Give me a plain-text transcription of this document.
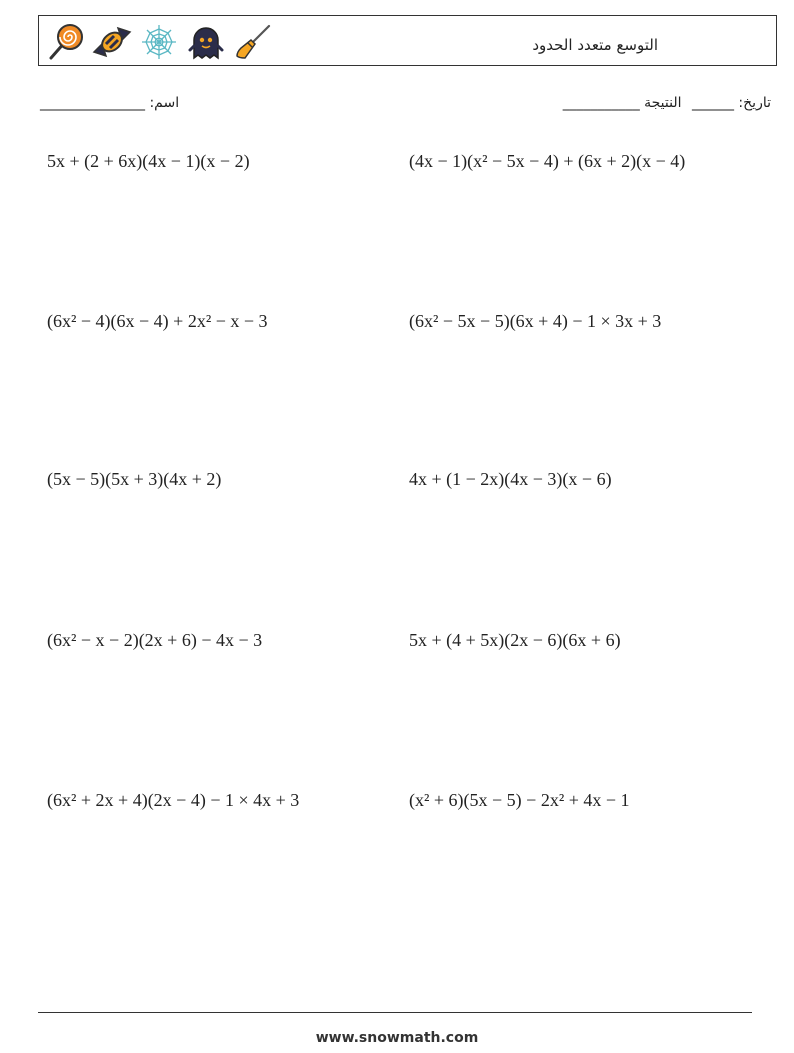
التوسع متعدد الحدود
اسم: _______________	تاريخ: ______ النتيجة ___________
5x + (2 + 6x)(4x − 1)(x − 2)	(4x − 1)(x² − 5x − 4) + (6x + 2)(x − 4)
(6x² − 4)(6x − 4) + 2x² − x − 3	(6x² − 5x − 5)(6x + 4) − 1 × 3x + 3
(5x − 5)(5x + 3)(4x + 2)	4x + (1 − 2x)(4x − 3)(x − 6)
(6x² − x − 2)(2x + 6) − 4x − 3	5x + (4 + 5x)(2x − 6)(6x + 6)
(6x² + 2x + 4)(2x − 4) − 1 × 4x + 3	(x² + 6)(5x − 5) − 2x² + 4x − 1
www.snowmath.com
